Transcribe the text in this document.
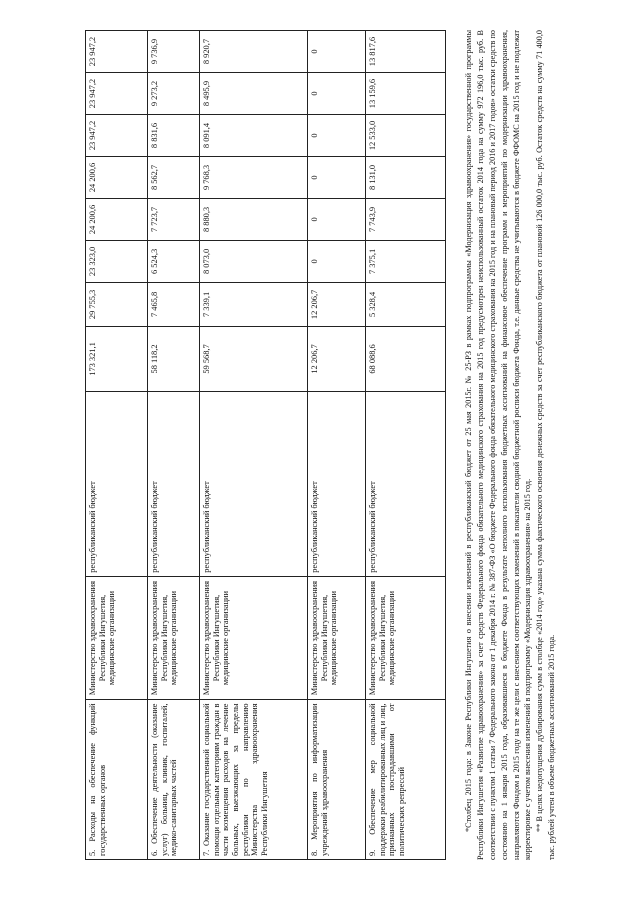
5. Расходы на обеспечение функций государственных органов	Министерство здравоохранения Республики Ингушетия, медицинские организации	республиканский бюджет	173 321,1	29 755,3	23 323,0	24 200,6	24 200,6	23 947,2	23 947,2	23 947,2
6. Обеспечение деятельности (оказание услуг) больниц, клиник, госпиталей, медико-санитарных частей	Министерство здравоохранения Республики Ингушетия, медицинские организации	республиканский бюджет	58 118,2	7 465,8	6 524,3	7 723,7	8 562,7	8 831,6	9 273,2	9 736,9
7. Оказание государственной социальной помощи отдельным категориям граждан в части возмещения расходов на лечение больных, выезжающих за пределы республики по направлению Министерства здравоохранения Республики Ингушетия	Министерство здравоохранения Республики Ингушетия, медицинские организации	республиканский бюджет	59 568,7	7 339,1	8 073,0	8 880,3	9 768,3	8 091,4	8 495,9	8 920,7
8. Мероприятия по информатизации учреждений здравоохранения	Министерство здравоохранения Республики Ингушетия, медицинские организации	республиканский бюджет	12 206,7	12 206,7	0	0	0	0	0	0
9. Обеспечение мер социальной поддержки реабилитированных лиц и лиц, признанных пострадавшими от политических репрессий	Министерство здравоохранения Республики Ингушетия, медицинские организации	республиканский бюджет	68 088,6	5 328,4	7 375,1	7 743,9	8 131,0	12 533,0	13 159,6	13 817,6	*Столбец 2015 года: в Законе Республики Ингушетия о внесении изменений в республиканский бюджет от 25 мая 2015г. № 25-РЗ в рамках подпрограммы «Модернизация здравоохранения» государственной программы Республики Ингушетия «Развитие здравоохранения» за счет средств Федерального фонда обязательного медицинского страхования на 2015 год предусмотрен неиспользованный остаток 2014 года на сумму 972 196,0 тыс. руб. В соответствии с пунктом 1 статьи 7 Федерального закона от 1 декабря 2014 г. № 387-ФЗ «О бюджете Федерального фонда обязательного медицинского страхования на 2015 год и на плановый период 2016 и 2017 годов» остатки средств по состоянию на 1 января 2015 года, образовавшиеся в бюджете Фонда в результате неполного использования бюджетных ассигнований на финансовое обеспечение программ и мероприятий по модернизации здравоохранения, направляются Фондом в 2015 году на те же цели с внесением соответствующих изменений в показатели сводной бюджетной росписи бюджета Фонда, т.е. данные средства не учитываются в бюджете ФФОМС на 2015 год и не подлежат корректировке с учетом внесения изменений в подпрограмму «Модернизация здравоохранения» на 2015 год. ** В целях недопущения дублирования сумм в столбце «2014 год» указана сумма фактического освоения денежных средств за счет республиканского бюджета от плановой 126 000,0 тыс. руб. Остаток средств на сумму 71 400,0 тыс. рублей учтен в объеме бюджетных ассигнований 2015 года.
